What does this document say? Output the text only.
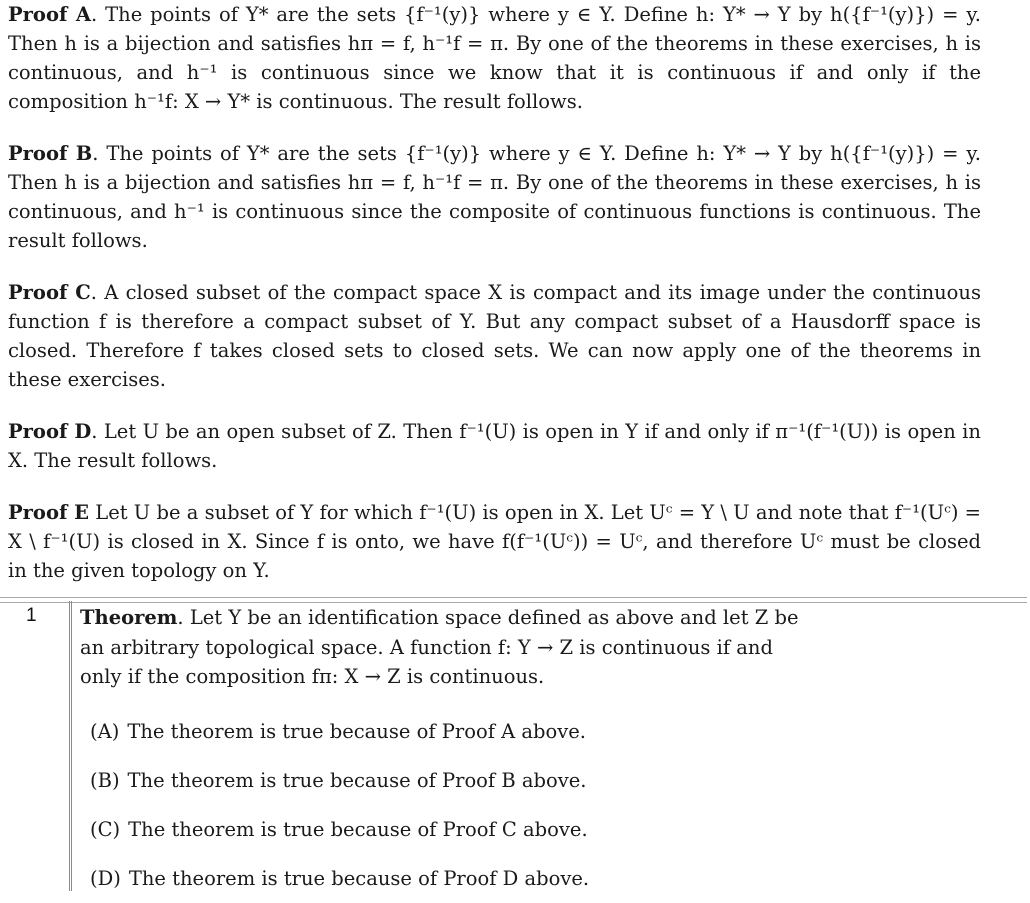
Proof A. The points of Y* are the sets {f⁻¹(y)} where y ∈ Y. Define h: Y* → Y by h({f⁻¹(y)}) = y. Then h is a bijection and satisfies hπ = f, h⁻¹f = π. By one of the theorems in these exercises, h is continuous, and h⁻¹ is continuous since we know that it is continuous if and only if the composition h⁻¹f: X → Y* is continuous. The result follows.

Proof B. The points of Y* are the sets {f⁻¹(y)} where y ∈ Y. Define h: Y* → Y by h({f⁻¹(y)}) = y. Then h is a bijection and satisfies hπ = f, h⁻¹f = π. By one of the theorems in these exercises, h is continuous, and h⁻¹ is continuous since the composite of continuous functions is continuous. The result follows.

Proof C. A closed subset of the compact space X is compact and its image under the continuous function f is therefore a compact subset of Y. But any compact subset of a Hausdorff space is closed. Therefore f takes closed sets to closed sets. We can now apply one of the theorems in these exercises.

Proof D. Let U be an open subset of Z. Then f⁻¹(U) is open in Y if and only if π⁻¹(f⁻¹(U)) is open in X. The result follows.

Proof E Let U be a subset of Y for which f⁻¹(U) is open in X. Let Uᶜ = Y \ U and note that f⁻¹(Uᶜ) = X \ f⁻¹(U) is closed in X. Since f is onto, we have f(f⁻¹(Uᶜ)) = Uᶜ, and therefore Uᶜ must be closed in the given topology on Y.

1 Theorem. Let Y be an identification space defined as above and let Z be an arbitrary topological space. A function f: Y → Z is continuous if and only if the composition fπ: X → Z is continuous.
(A) The theorem is true because of Proof A above.
(B) The theorem is true because of Proof B above.
(C) The theorem is true because of Proof C above.
(D) The theorem is true because of Proof D above.
